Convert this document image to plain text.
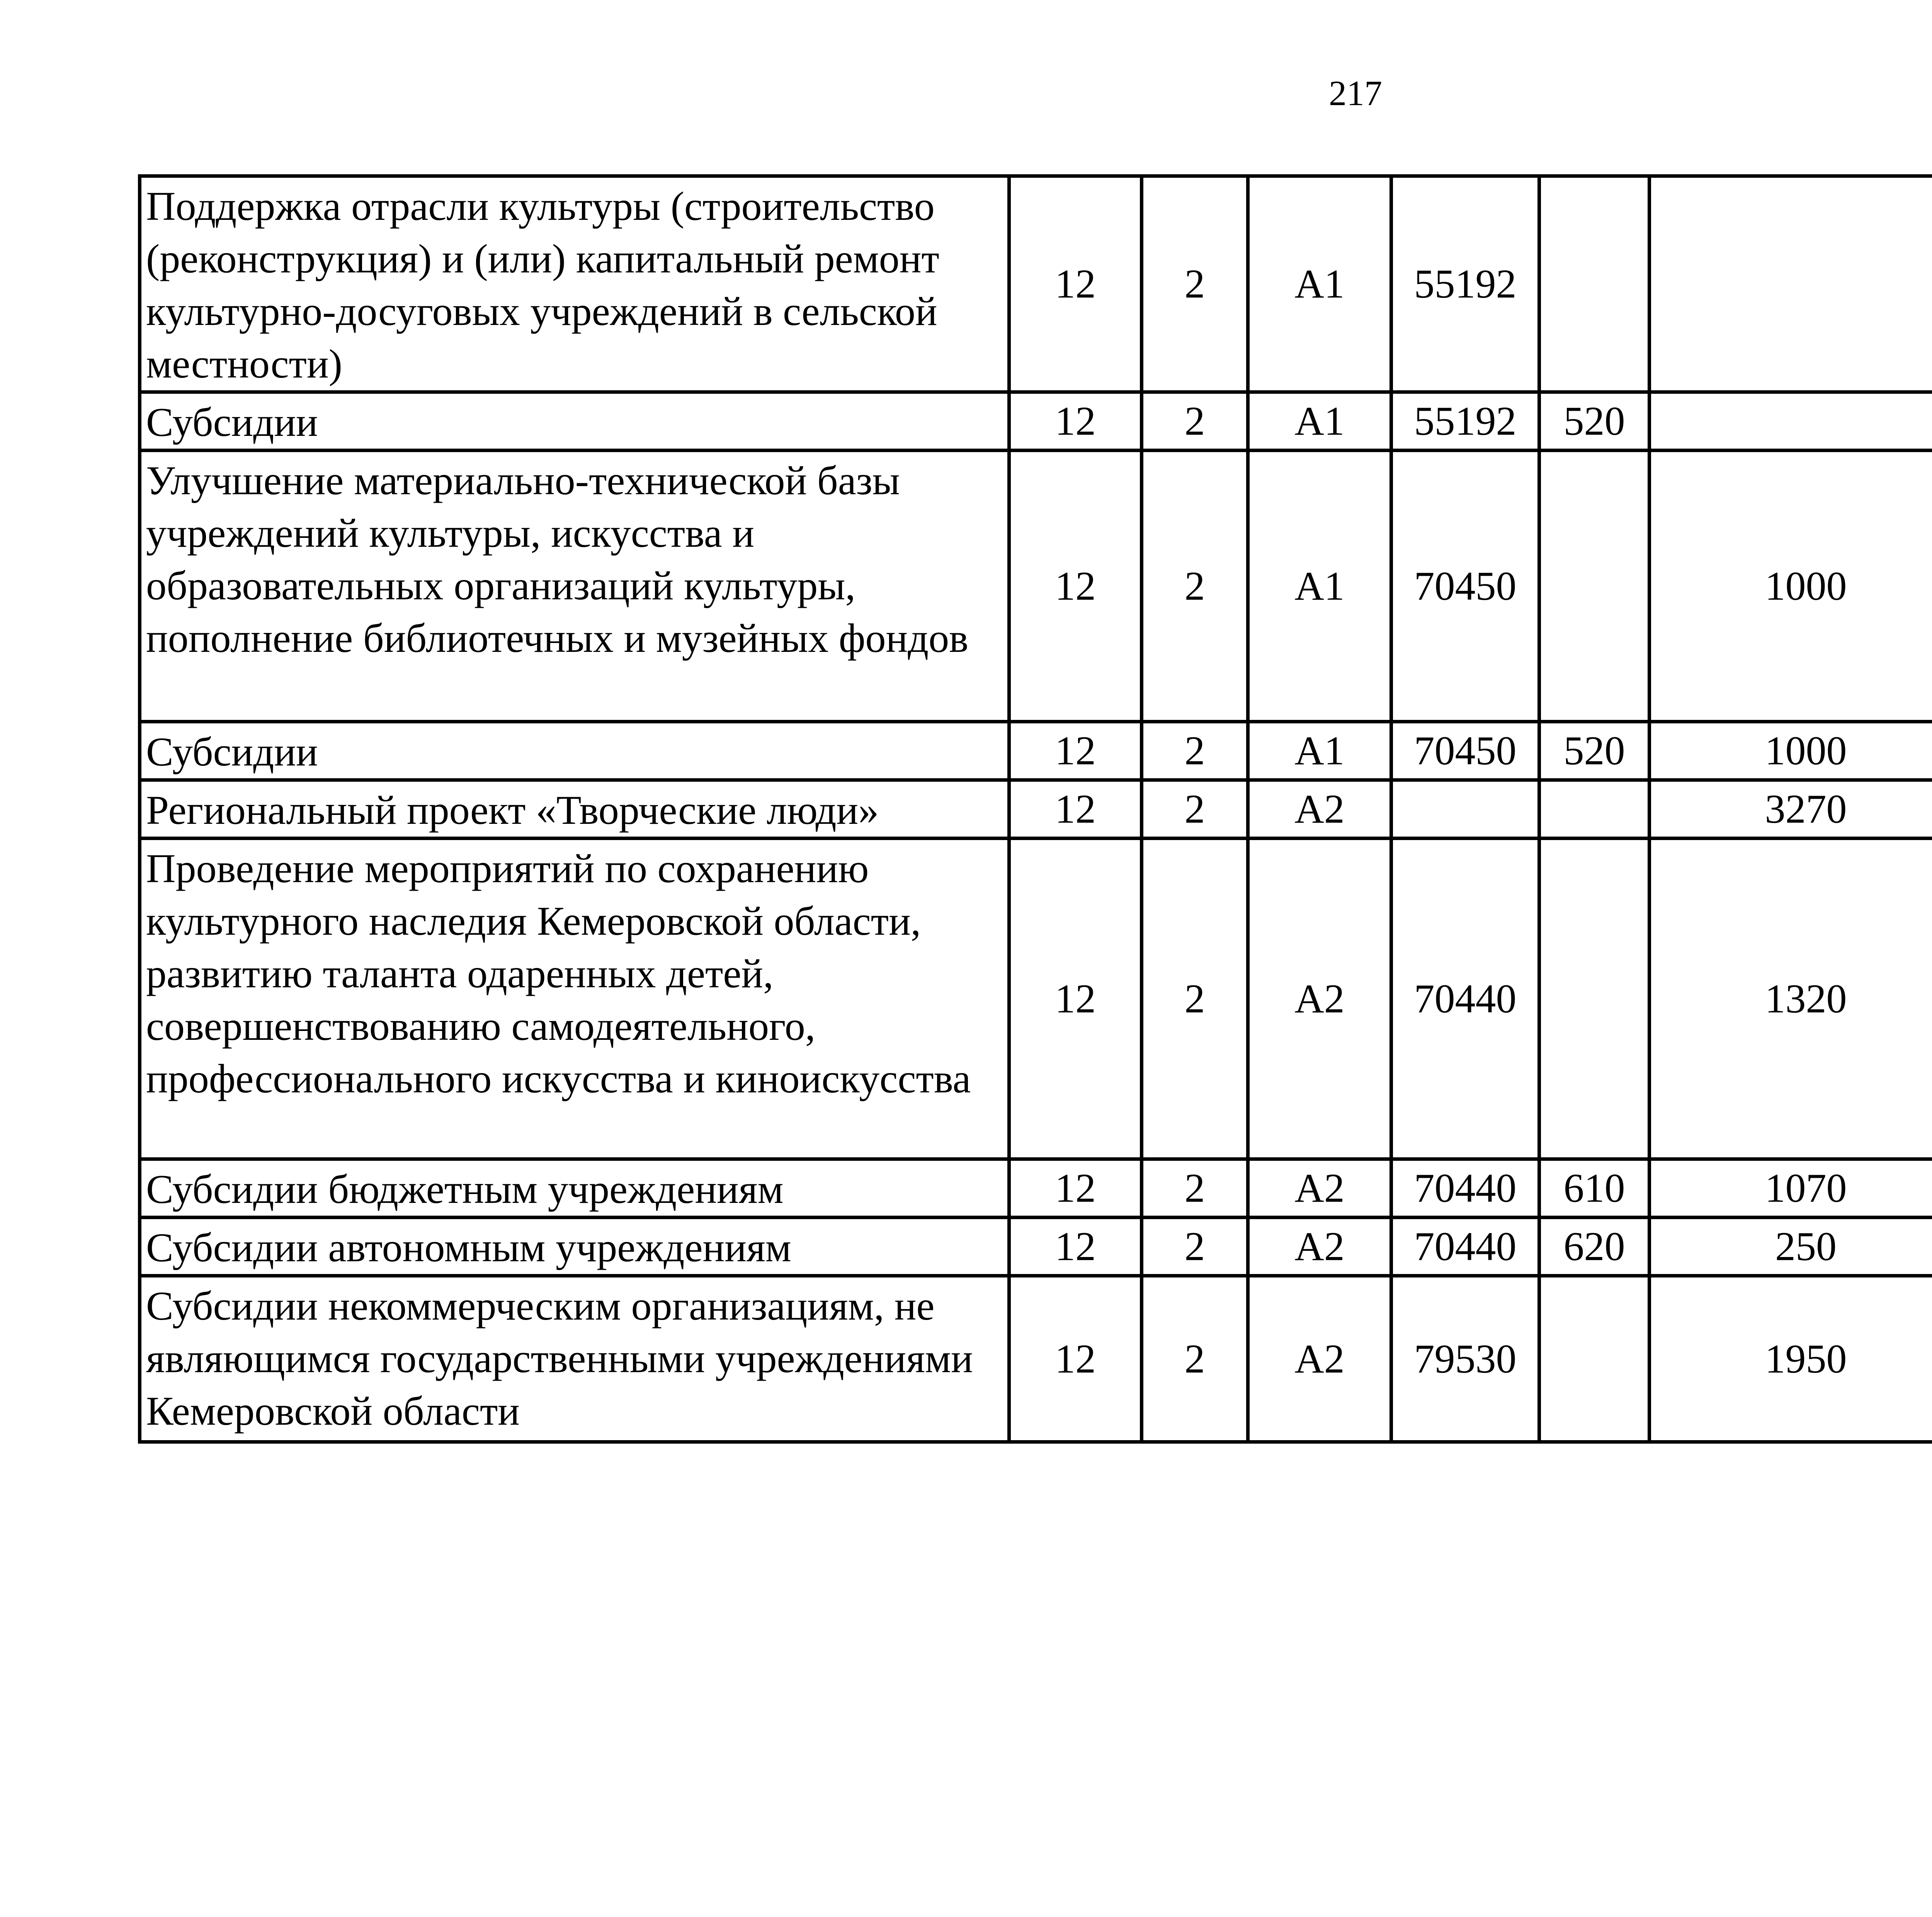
217
Поддержка отрасли культуры (строительство (реконструкция) и (или) капитальный ремонт культурно-досуговых учреждений в сельской местности)	12	2	А1	55192				
Субсидии	12	2	А1	55192	520			
Улучшение материально-технической базы учреждений культуры, искусства и образовательных организаций культуры, пополнение библиотечных и музейных фондов	12	2	А1	70450		1000		
Субсидии	12	2	А1	70450	520	1000		
Региональный проект «Творческие люди»	12	2	А2			3270		
Проведение мероприятий по сохранению культурного наследия Кемеровской области, развитию таланта одаренных детей, совершенствованию самодеятельного, профессионального искусства и киноискусства	12	2	А2	70440		1320		
Субсидии бюджетным учреждениям	12	2	А2	70440	610	1070		
Субсидии автономным учреждениям	12	2	А2	70440	620	250		
Субсидии некоммерческим организациям, не являющимся государственными учреждениями Кемеровской области	12	2	А2	79530		1950		
